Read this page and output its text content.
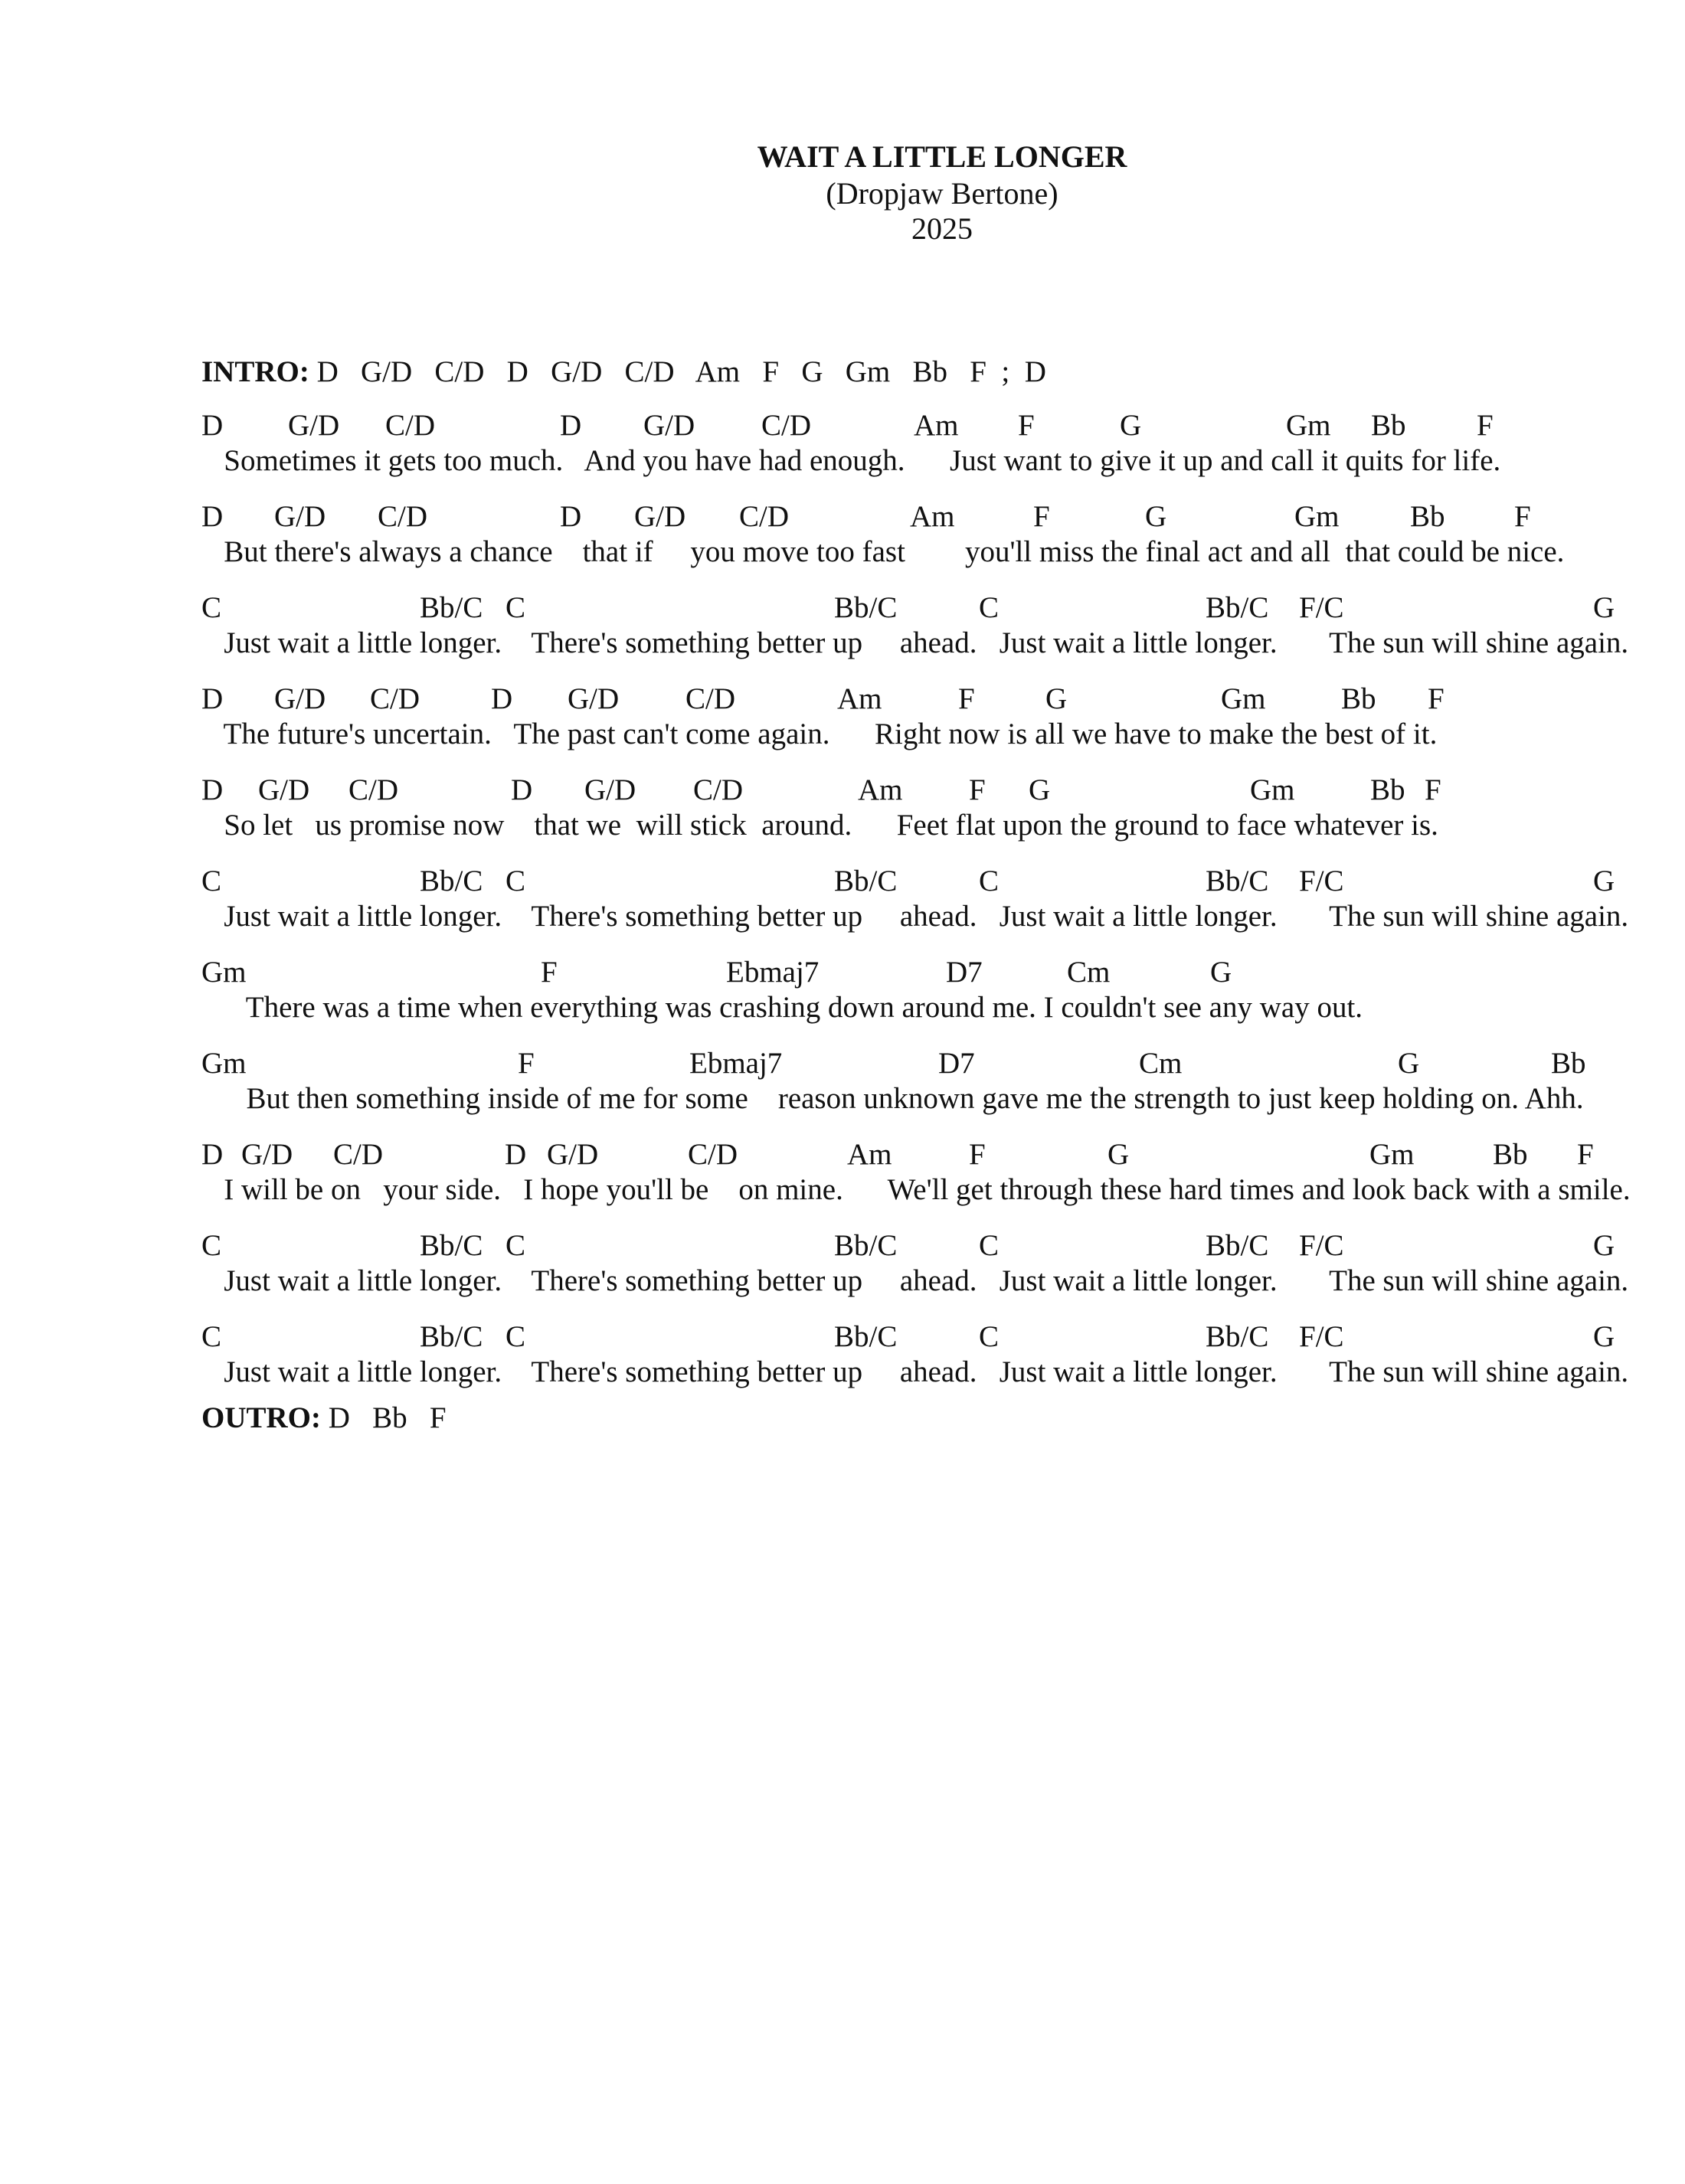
WAIT A LITTLE LONGER
(Dropjaw Bertone)
2025
INTRO: D   G/D   C/D   D   G/D   C/D   Am   F   G   Gm   Bb   F  ;  D

D

G/D

C/D

	D

G/D

C/D

	Am

F

	G

	Gm

Bb

F

Sometimes it gets too much.   And you have had enough.      Just want to give it up and call it quits for life.

D

G/D

C/D

	D

G/D

C/D

	Am

	F

	G

	Gm

Bb

F

But there's always a chance    that if     you move too fast        you'll miss the final act and all  that could be nice.

C

	Bb/C

C

	Bb/C

	C

	Bb/C

F/C

	G

Just wait a little longer.    There's something better up     ahead.   Just wait a little longer.       The sun will shine again.

D

G/D

C/D

D

G/D

C/D

	Am

	F

G

	Gm

	Bb

F

The future's uncertain.   The past can't come again.      Right now is all we have to make the best of it.

D

G/D

C/D

	D

G/D

C/D

	Am

F

G

	Gm

	Bb

F

So let   us promise now    that we  will stick  around.      Feet flat upon the ground to face whatever is.

C

	Bb/C

C

	Bb/C

	C

	Bb/C

F/C

	G

Just wait a little longer.    There's something better up     ahead.   Just wait a little longer.       The sun will shine again.

Gm

	F

	Ebmaj7

	D7

	Cm

	G

There was a time when everything was crashing down around me. I couldn't see any way out.

Gm

	F

	Ebmaj7

	D7

	Cm

	G

	Bb

But then something inside of me for some    reason unknown gave me the strength to just keep holding on. Ahh.

D

G/D

C/D

	D

G/D

	C/D

	Am

	F

	G

	Gm

	Bb

F

I will be on   your side.   I hope you'll be    on mine.      We'll get through these hard times and look back with a smile.

C

	Bb/C

C

	Bb/C

	C

	Bb/C

F/C

	G

Just wait a little longer.    There's something better up     ahead.   Just wait a little longer.       The sun will shine again.

C

	Bb/C

C

	Bb/C

	C

	Bb/C

F/C

	G

Just wait a little longer.    There's something better up     ahead.   Just wait a little longer.       The sun will shine again.
OUTRO: D   Bb   F
